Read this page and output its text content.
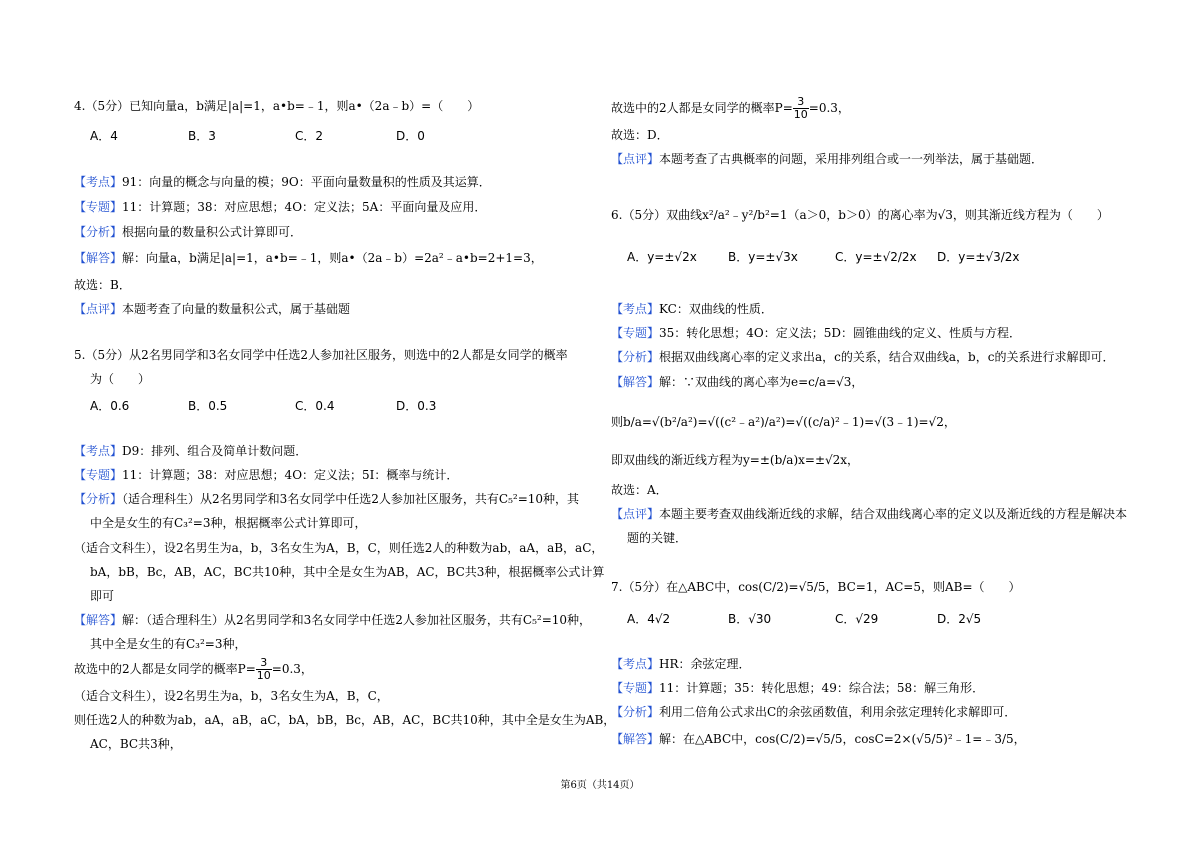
4.（5分）已知向量a，b满足|a|=1，a•b=﹣1，则a•（2a﹣b）=（　　）
A．4	B．3	C．2	D．0
【考点】91：向量的概念与向量的模；9O：平面向量数量积的性质及其运算．
【专题】11：计算题；38：对应思想；4O：定义法；5A：平面向量及应用．
【分析】根据向量的数量积公式计算即可．
【解答】解：向量a，b满足|a|=1，a•b=﹣1，则a•（2a﹣b）=2a²﹣a•b=2+1=3，
故选：B．
【点评】本题考查了向量的数量积公式，属于基础题
5.（5分）从2名男同学和3名女同学中任选2人参加社区服务，则选中的2人都是女同学的概率
为（　　）
A．0.6	B．0.5	C．0.4	D．0.3
【考点】D9：排列、组合及简单计数问题．
【专题】11：计算题；38：对应思想；4O：定义法；5I：概率与统计．
【分析】（适合理科生）从2名男同学和3名女同学中任选2人参加社区服务，共有C₅²=10种，其
中全是女生的有C₃²=3种，根据概率公式计算即可，
（适合文科生），设2名男生为a，b，3名女生为A，B，C，则任选2人的种数为ab，aA，aB，aC，
bA，bB，Bc，AB，AC，BC共10种，其中全是女生为AB，AC，BC共3种，根据概率公式计算
即可
【解答】解：（适合理科生）从2名男同学和3名女同学中任选2人参加社区服务，共有C₅²=10种，
其中全是女生的有C₃²=3种，
故选中的2人都是女同学的概率$P= \frac{3}{10} =0.3$，
（适合文科生），设2名男生为a，b，3名女生为A，B，C，
则任选2人的种数为ab，aA，aB，aC，bA，bB，Bc，AB，AC，BC共10种，其中全是女生为AB，
AC，BC共3种，
故选中的2人都是女同学的概率$P= \frac{3}{10} =0.3$，
故选：D．
【点评】本题考查了古典概率的问题，采用排列组合或一一列举法，属于基础题．
6.（5分）双曲线x²/a²﹣y²/b²=1（a＞0，b＞0）的离心率为√3，则其渐近线方程为（　　）
A．y=±√2x	B．y=±√3x	C．y=±√2/2x D．y=±√3/2x
【考点】KC：双曲线的性质．
【专题】35：转化思想；4O：定义法；5D：圆锥曲线的定义、性质与方程．
【分析】根据双曲线离心率的定义求出a，c的关系，结合双曲线a，b，c的关系进行求解即可．
【解答】解：∵双曲线的离心率为e=c/a=√3，
则b/a=√(b²/a²)=√((c²﹣a²)/a²)=√((c/a)²﹣1)=√(3﹣1)=√2，
即双曲线的渐近线方程为y=±(b/a)x=±√2x，
故选：A．
【点评】本题主要考查双曲线渐近线的求解，结合双曲线离心率的定义以及渐近线的方程是解决本
题的关键．
7.（5分）在△ABC中，cos(C/2)=√5/5，BC=1，AC=5，则AB=（　　）
A．4√2	B．√30	C．√29	D．2√5
【考点】HR：余弦定理．
【专题】11：计算题；35：转化思想；49：综合法；58：解三角形．
【分析】利用二倍角公式求出C的余弦函数值，利用余弦定理转化求解即可．
【解答】解：在△ABC中，cos(C/2)=√5/5，cosC=2×(√5/5)²﹣1=﹣3/5，
第6页（共14页）
